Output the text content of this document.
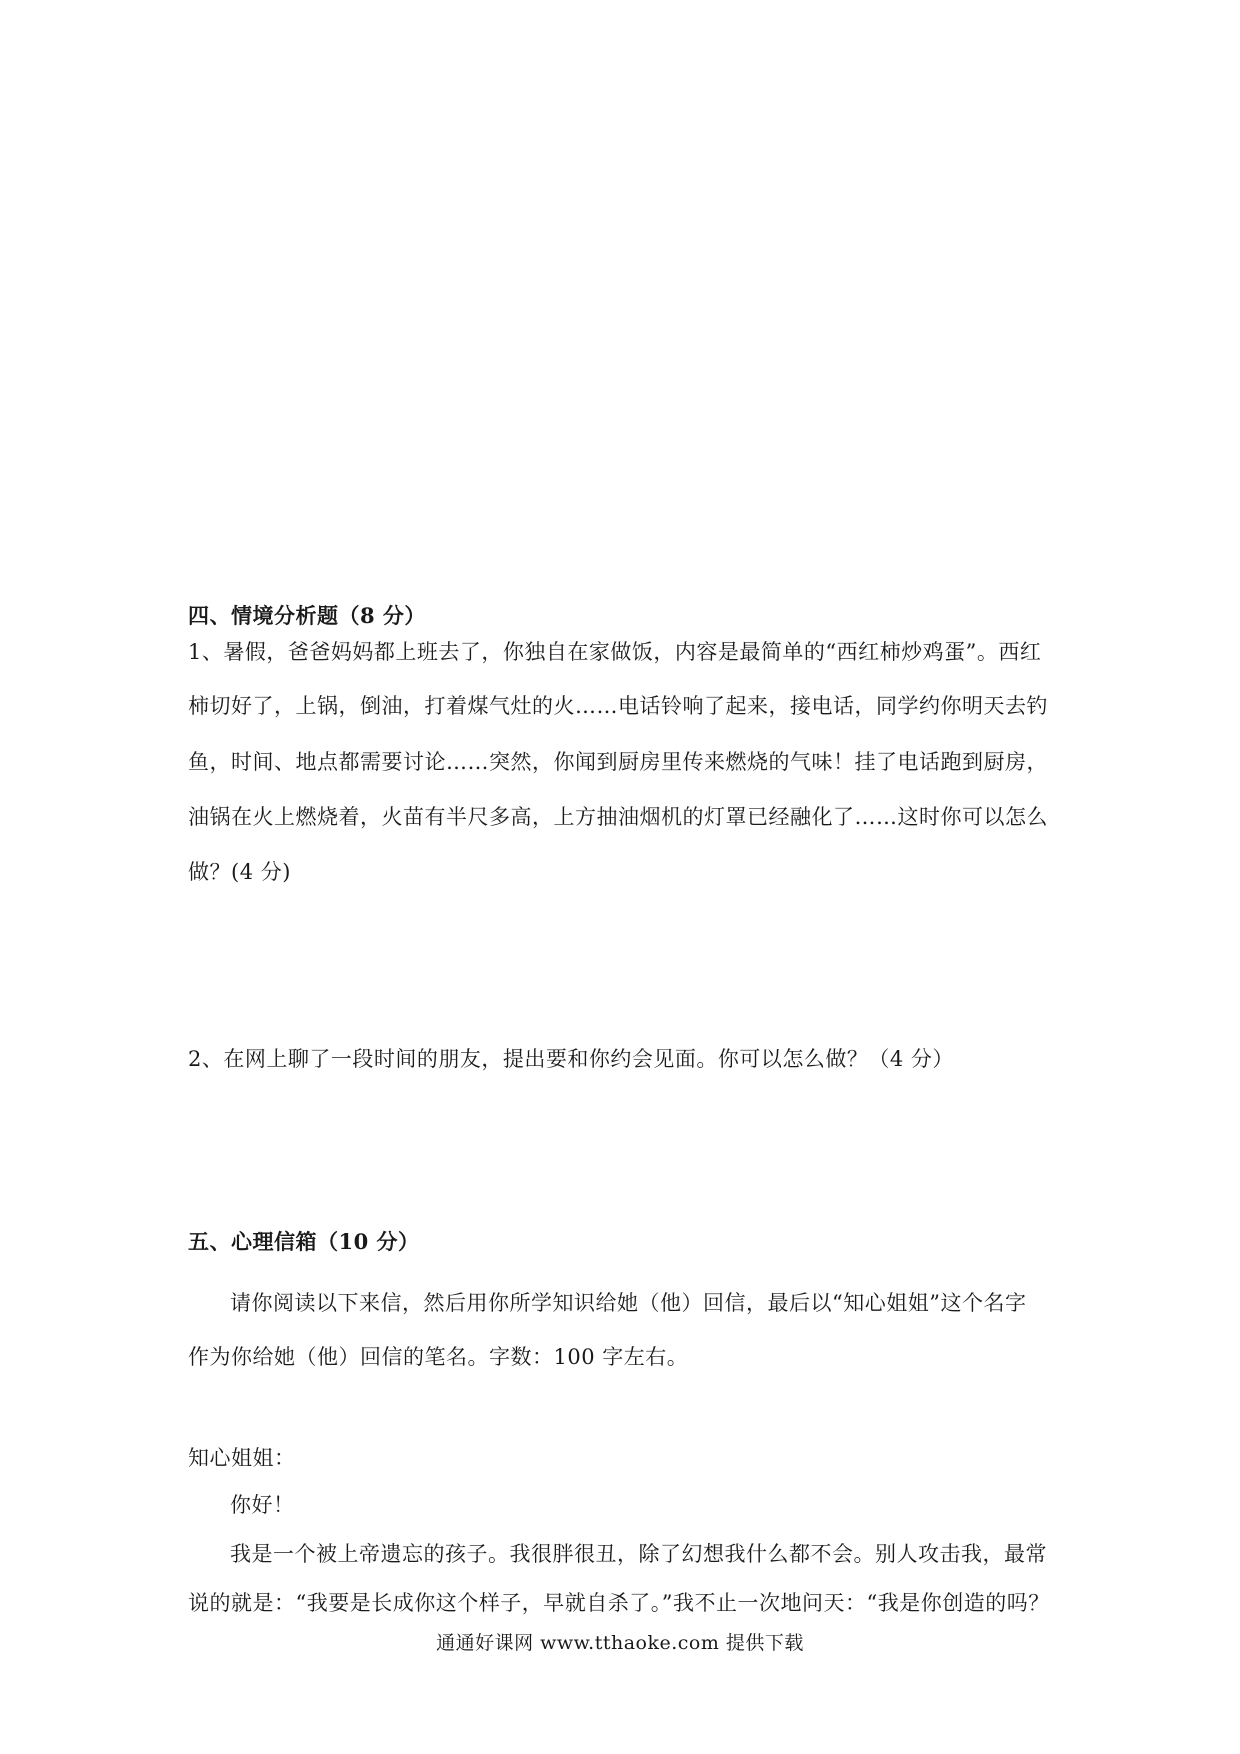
四、情境分析题（8 分）
1、暑假，爸爸妈妈都上班去了，你独自在家做饭，内容是最简单的“西红柿炒鸡蛋”。西红
柿切好了，上锅，倒油，打着煤气灶的火……电话铃响了起来，接电话，同学约你明天去钓
鱼，时间、地点都需要讨论……突然，你闻到厨房里传来燃烧的气味！挂了电话跑到厨房，
油锅在火上燃烧着，火苗有半尺多高，上方抽油烟机的灯罩已经融化了……这时你可以怎么
做？(4 分)
2、在网上聊了一段时间的朋友，提出要和你约会见面。你可以怎么做？（4 分）
五、心理信箱（10 分）
请你阅读以下来信，然后用你所学知识给她（他）回信，最后以“知心姐姐”这个名字
作为你给她（他）回信的笔名。字数：100 字左右。
知心姐姐：
你好！
我是一个被上帝遗忘的孩子。我很胖很丑，除了幻想我什么都不会。别人攻击我，最常
说的就是：“我要是长成你这个样子，早就自杀了。”我不止一次地问天：“我是你创造的吗？
通通好课网 www.tthaoke.com 提供下载
